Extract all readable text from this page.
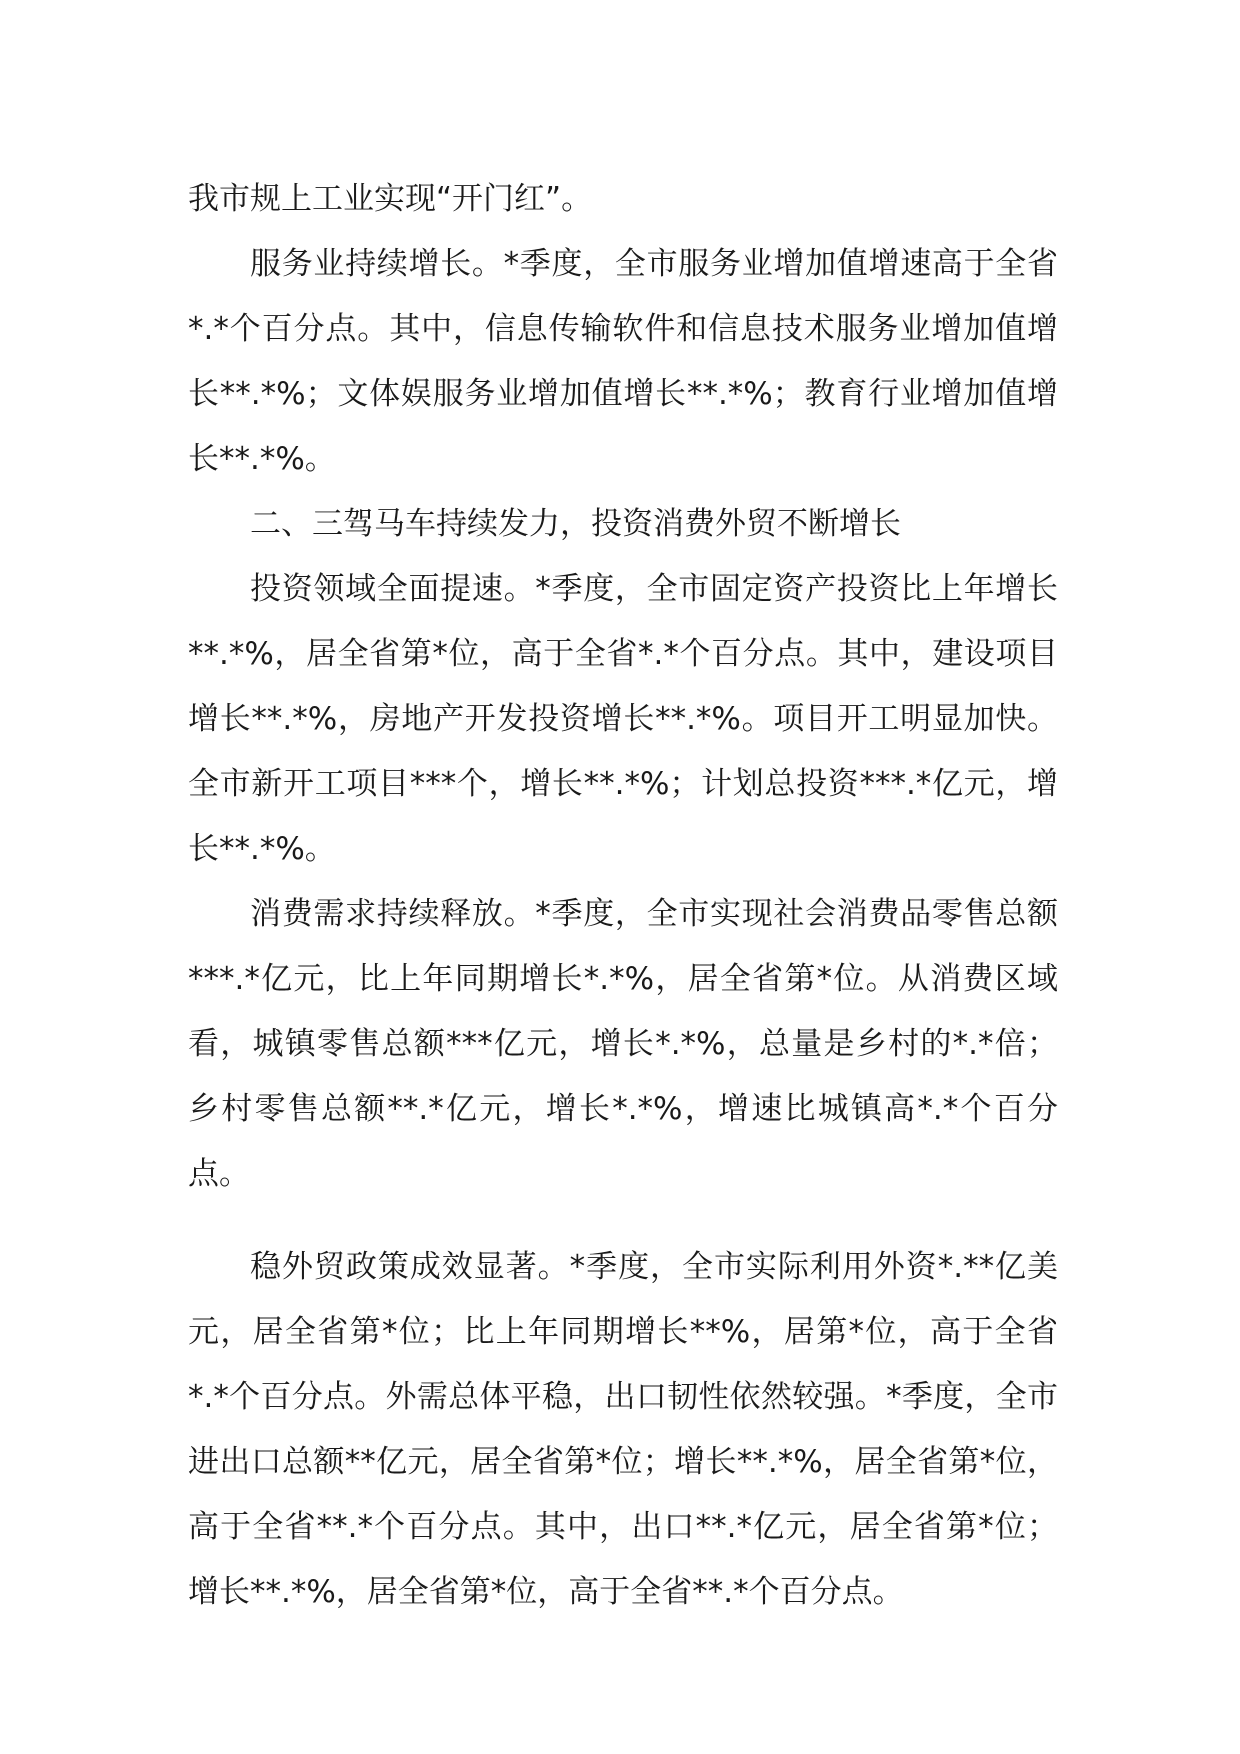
我市规上工业实现“开门红”。

服务业持续增长。*季度，全市服务业增加值增速高于全省*.*个百分点。其中，信息传输软件和信息技术服务业增加值增长**.*%；文体娱服务业增加值增长**.*%；教育行业增加值增长**.*%。

二、三驾马车持续发力，投资消费外贸不断增长

投资领域全面提速。*季度，全市固定资产投资比上年增长**.*%，居全省第*位，高于全省*.*个百分点。其中，建设项目增长**.*%，房地产开发投资增长**.*%。项目开工明显加快。全市新开工项目***个，增长**.*%；计划总投资***.*亿元，增长**.*%。

消费需求持续释放。*季度，全市实现社会消费品零售总额***.*亿元，比上年同期增长*.*%，居全省第*位。从消费区域看，城镇零售总额***亿元，增长*.*%，总量是乡村的*.*倍；乡村零售总额**.*亿元，增长*.*%，增速比城镇高*.*个百分点。

稳外贸政策成效显著。*季度，全市实际利用外资*.**亿美元，居全省第*位；比上年同期增长**%，居第*位，高于全省*.*个百分点。外需总体平稳，出口韧性依然较强。*季度，全市进出口总额**亿元，居全省第*位；增长**.*%，居全省第*位，高于全省**.*个百分点。其中，出口**.*亿元，居全省第*位；增长**.*%，居全省第*位，高于全省**.*个百分点。
